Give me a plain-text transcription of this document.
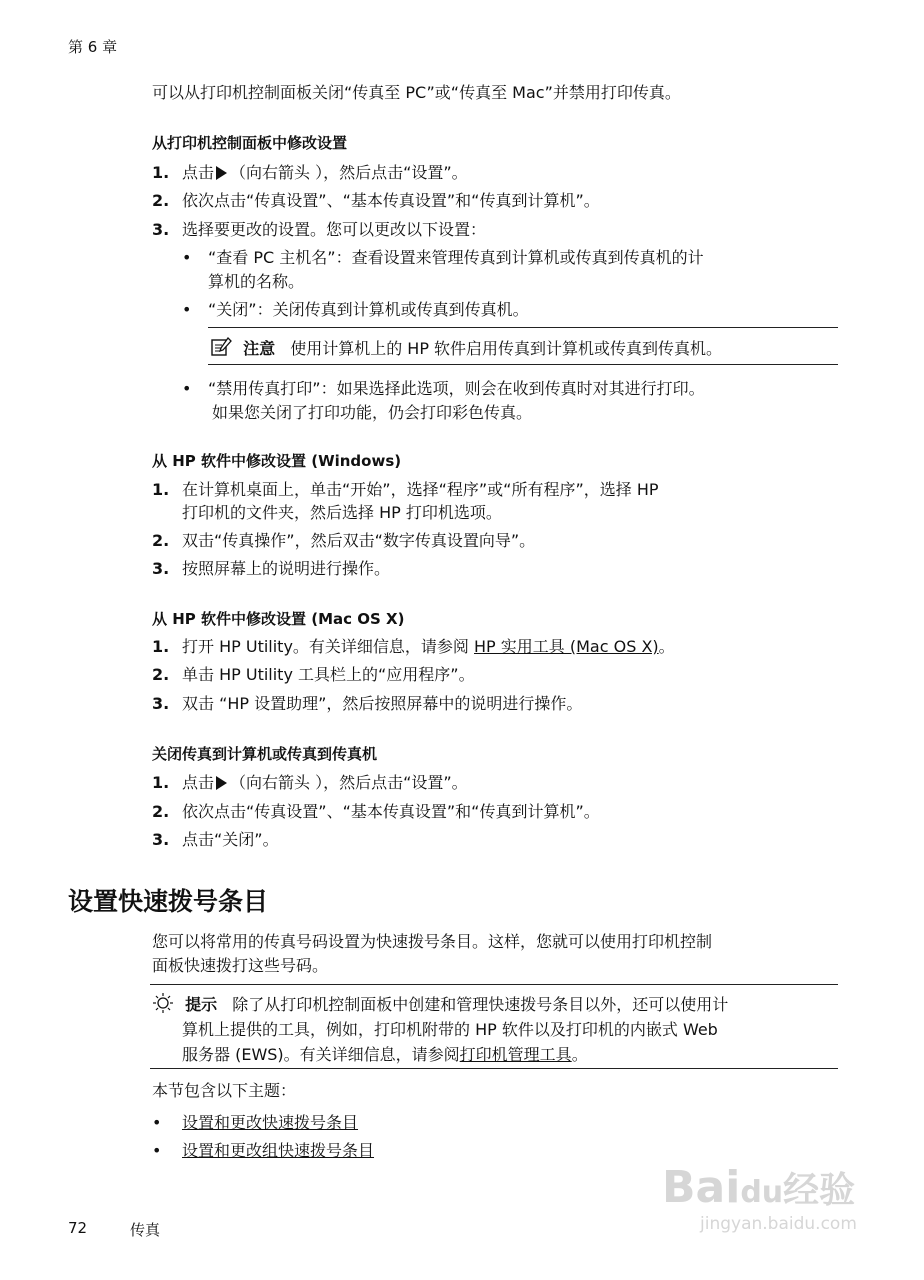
第 6 章
可以从打印机控制面板关闭“传真至 PC”或“传真至 Mac”并禁用打印传真。
从打印机控制面板中修改设置
1. 点击 （向右箭头 ），然后点击“设置”。
2. 依次点击“传真设置”、“基本传真设置”和“传真到计算机”。
3. 选择要更改的设置。您可以更改以下设置：
• “查看 PC 主机名”：查看设置来管理传真到计算机或传真到传真机的计
算机的名称。
• “关闭”：关闭传真到计算机或传真到传真机。
注意 使用计算机上的 HP 软件启用传真到计算机或传真到传真机。
• “禁用传真打印”：如果选择此选项，则会在收到传真时对其进行打印。
如果您关闭了打印功能，仍会打印彩色传真。
从 HP 软件中修改设置 (Windows)
1. 在计算机桌面上，单击“开始”，选择“程序”或“所有程序”，选择 HP
打印机的文件夹，然后选择 HP 打印机选项。
2. 双击“传真操作”，然后双击“数字传真设置向导”。
3. 按照屏幕上的说明进行操作。
从 HP 软件中修改设置 (Mac OS X)
1. 打开 HP Utility。有关详细信息，请参阅 HP 实用工具 (Mac OS X)。
2. 单击 HP Utility 工具栏上的“应用程序”。
3. 双击 “HP 设置助理”，然后按照屏幕中的说明进行操作。
关闭传真到计算机或传真到传真机
1. 点击 （向右箭头 ），然后点击“设置”。
2. 依次点击“传真设置”、“基本传真设置”和“传真到计算机”。
3. 点击“关闭”。
设置快速拨号条目
您可以将常用的传真号码设置为快速拨号条目。这样，您就可以使用打印机控制
面板快速拨打这些号码。
提示 除了从打印机控制面板中创建和管理快速拨号条目以外，还可以使用计
算机上提供的工具，例如，打印机附带的 HP 软件以及打印机的内嵌式 Web
服务器 (EWS)。有关详细信息，请参阅打印机管理工具。
本节包含以下主题：
• 设置和更改快速拨号条目
• 设置和更改组快速拨号条目
Baidu经验
jingyan.baidu.com
72	传真
